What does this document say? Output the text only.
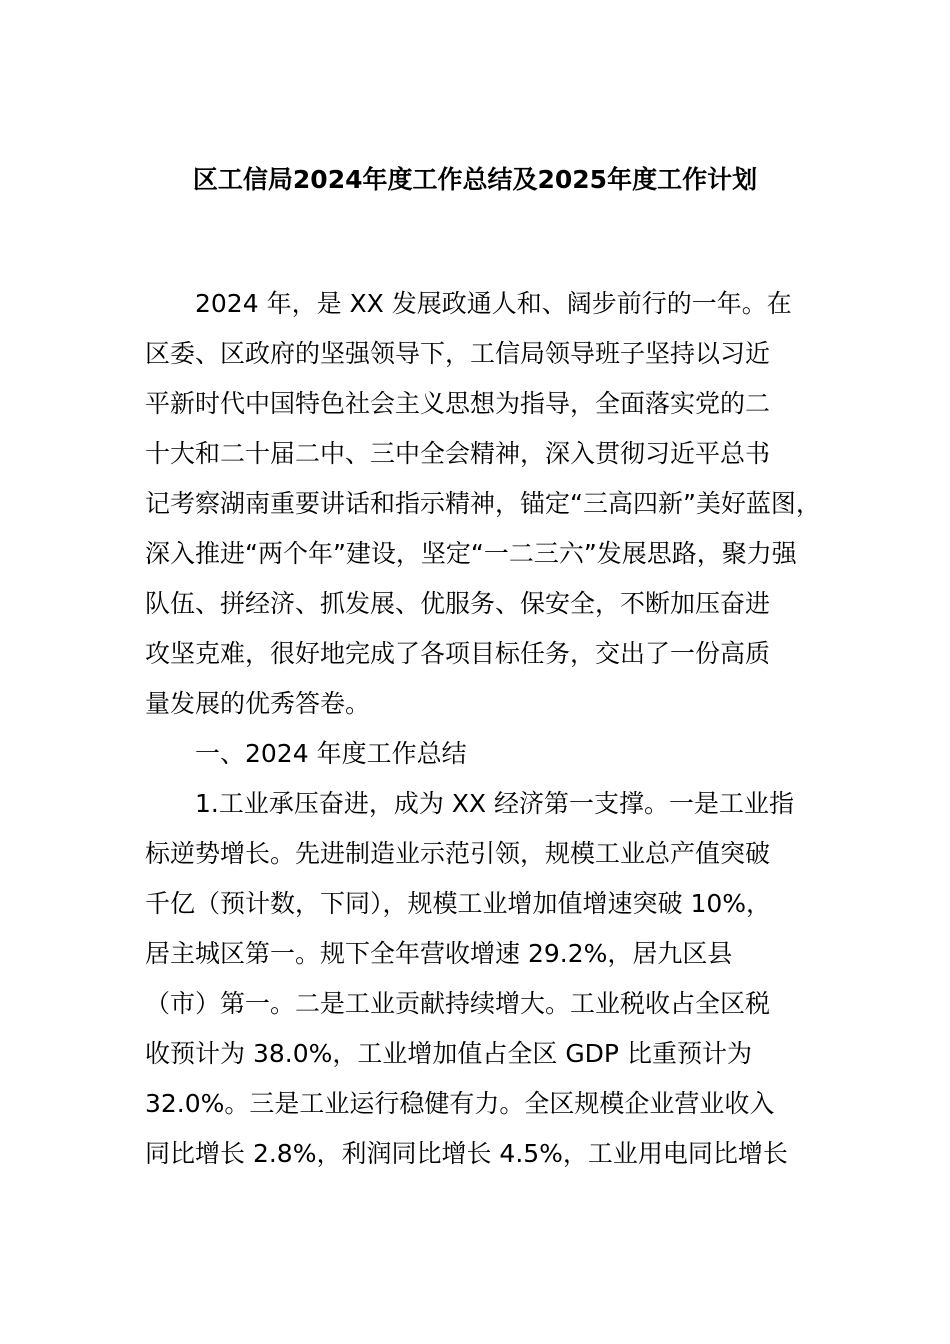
区工信局2024年度工作总结及2025年度工作计划
2024 年，是 XX 发展政通人和、阔步前行的一年。在
区委、区政府的坚强领导下，工信局领导班子坚持以习近
平新时代中国特色社会主义思想为指导，全面落实党的二
十大和二十届二中、三中全会精神，深入贯彻习近平总书
记考察湖南重要讲话和指示精神，锚定“三高四新”美好蓝图，
深入推进“两个年”建设，坚定“一二三六”发展思路，聚力强
队伍、拼经济、抓发展、优服务、保安全，不断加压奋进
攻坚克难，很好地完成了各项目标任务，交出了一份高质
量发展的优秀答卷。
一、2024 年度工作总结
1.工业承压奋进，成为 XX 经济第一支撑。一是工业指
标逆势增长。先进制造业示范引领，规模工业总产值突破
千亿（预计数，下同），规模工业增加值增速突破 10%，
居主城区第一。规下全年营收增速 29.2%，居九区县
（市）第一。二是工业贡献持续增大。工业税收占全区税
收预计为 38.0%，工业增加值占全区 GDP 比重预计为
32.0%。三是工业运行稳健有力。全区规模企业营业收入
同比增长 2.8%，利润同比增长 4.5%，工业用电同比增长
